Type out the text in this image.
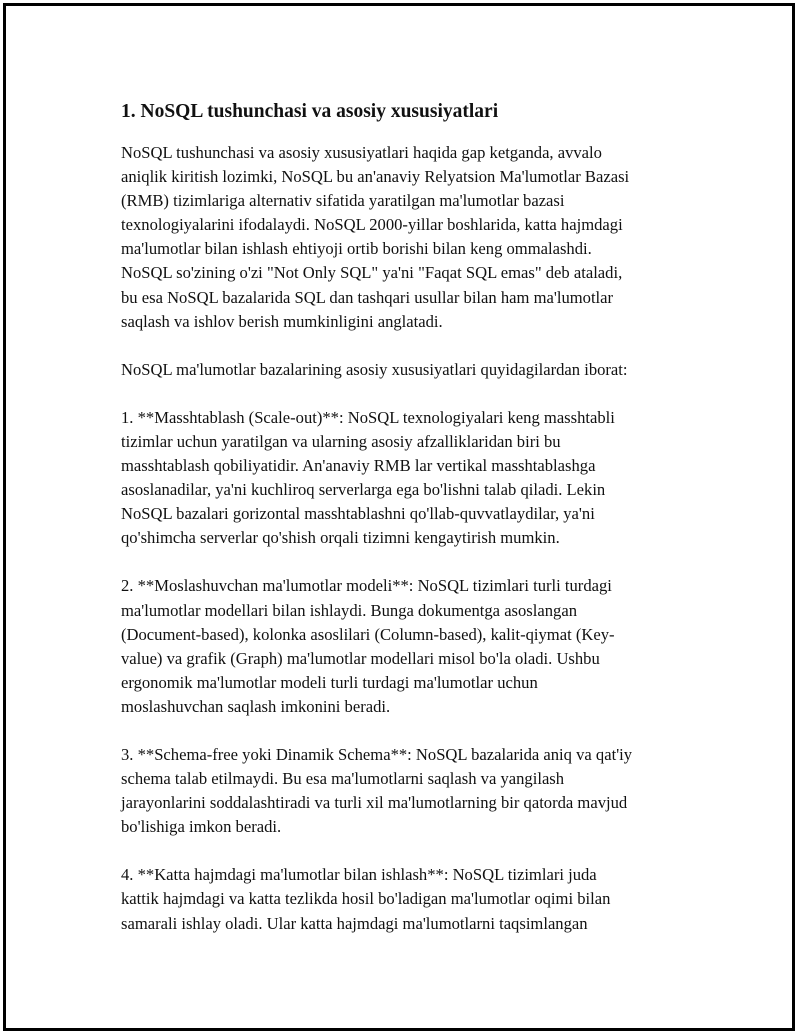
1. NoSQL tushunchasi va asosiy xususiyatlari
NoSQL tushunchasi va asosiy xususiyatlari haqida gap ketganda, avvalo
aniqlik kiritish lozimki, NoSQL bu an'anaviy Relyatsion Ma'lumotlar Bazasi
(RMB) tizimlariga alternativ sifatida yaratilgan ma'lumotlar bazasi
texnologiyalarini ifodalaydi. NoSQL 2000-yillar boshlarida, katta hajmdagi
ma'lumotlar bilan ishlash ehtiyoji ortib borishi bilan keng ommalashdi.
NoSQL so'zining o'zi "Not Only SQL" ya'ni "Faqat SQL emas" deb ataladi,
bu esa NoSQL bazalarida SQL dan tashqari usullar bilan ham ma'lumotlar
saqlash va ishlov berish mumkinligini anglatadi.
NoSQL ma'lumotlar bazalarining asosiy xususiyatlari quyidagilardan iborat:
1. **Masshtablash (Scale-out)**: NoSQL texnologiyalari keng masshtabli
tizimlar uchun yaratilgan va ularning asosiy afzalliklaridan biri bu
masshtablash qobiliyatidir. An'anaviy RMB lar vertikal masshtablashga
asoslanadilar, ya'ni kuchliroq serverlarga ega bo'lishni talab qiladi. Lekin
NoSQL bazalari gorizontal masshtablashni qo'llab-quvvatlaydilar, ya'ni
qo'shimcha serverlar qo'shish orqali tizimni kengaytirish mumkin.
2. **Moslashuvchan ma'lumotlar modeli**: NoSQL tizimlari turli turdagi
ma'lumotlar modellari bilan ishlaydi. Bunga dokumentga asoslangan
(Document-based), kolonka asoslilari (Column-based), kalit-qiymat (Key-
value) va grafik (Graph) ma'lumotlar modellari misol bo'la oladi. Ushbu
ergonomik ma'lumotlar modeli turli turdagi ma'lumotlar uchun
moslashuvchan saqlash imkonini beradi.
3. **Schema-free yoki Dinamik Schema**: NoSQL bazalarida aniq va qat'iy
schema talab etilmaydi. Bu esa ma'lumotlarni saqlash va yangilash
jarayonlarini soddalashtiradi va turli xil ma'lumotlarning bir qatorda mavjud
bo'lishiga imkon beradi.
4. **Katta hajmdagi ma'lumotlar bilan ishlash**: NoSQL tizimlari juda
kattik hajmdagi va katta tezlikda hosil bo'ladigan ma'lumotlar oqimi bilan
samarali ishlay oladi. Ular katta hajmdagi ma'lumotlarni taqsimlangan
